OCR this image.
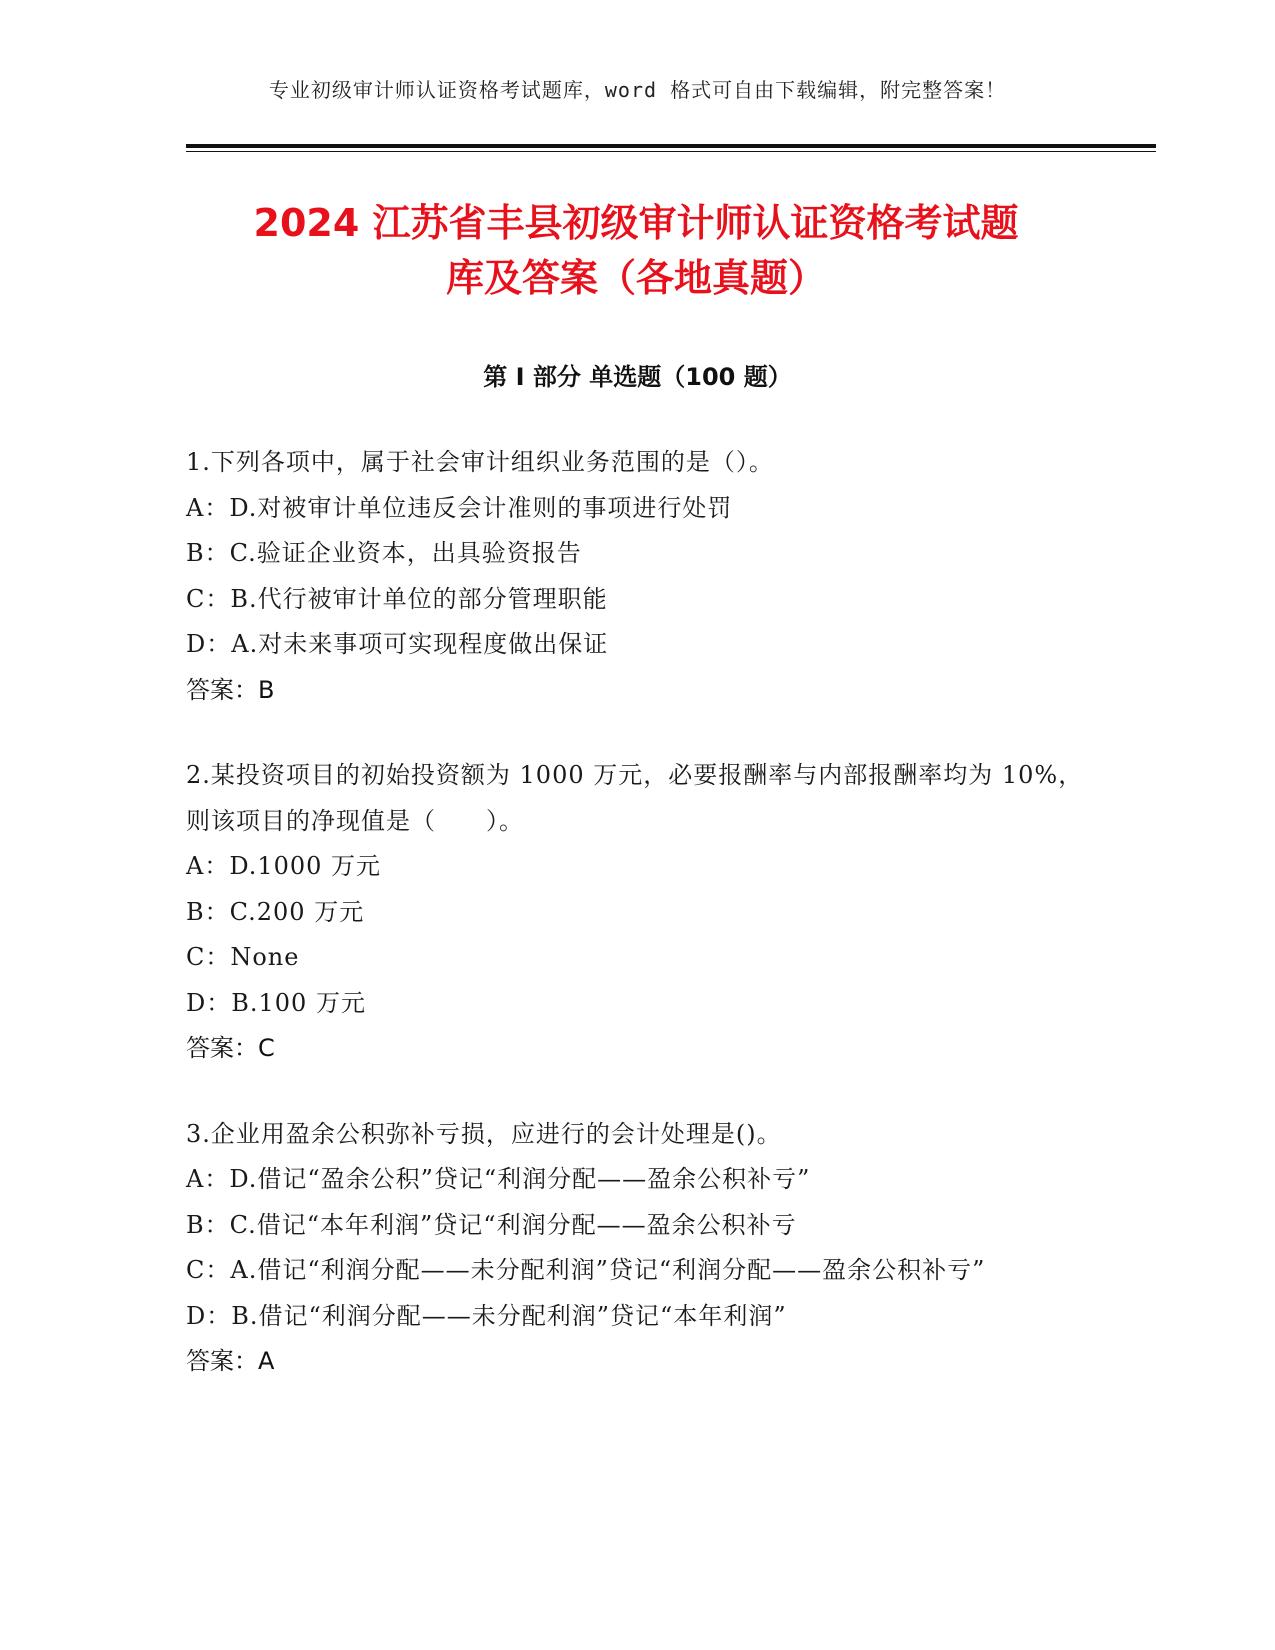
专业初级审计师认证资格考试题库，word 格式可自由下载编辑，附完整答案！
2024 江苏省丰县初级审计师认证资格考试题
库及答案（各地真题）
第 I 部分 单选题（100 题）
1.下列各项中，属于社会审计组织业务范围的是（）。
A：D.对被审计单位违反会计准则的事项进行处罚
B：C.验证企业资本，出具验资报告
C：B.代行被审计单位的部分管理职能
D：A.对未来事项可实现程度做出保证
答案：B
2.某投资项目的初始投资额为 1000 万元，必要报酬率与内部报酬率均为 10%，则该项目的净现值是（　　）。
A：D.1000 万元
B：C.200 万元
C：None
D：B.100 万元
答案：C
3.企业用盈余公积弥补亏损，应进行的会计处理是()。
A：D.借记“盈余公积”贷记“利润分配——盈余公积补亏”
B：C.借记“本年利润”贷记“利润分配——盈余公积补亏
C：A.借记“利润分配——未分配利润”贷记“利润分配——盈余公积补亏”
D：B.借记“利润分配——未分配利润”贷记“本年利润”
答案：A
